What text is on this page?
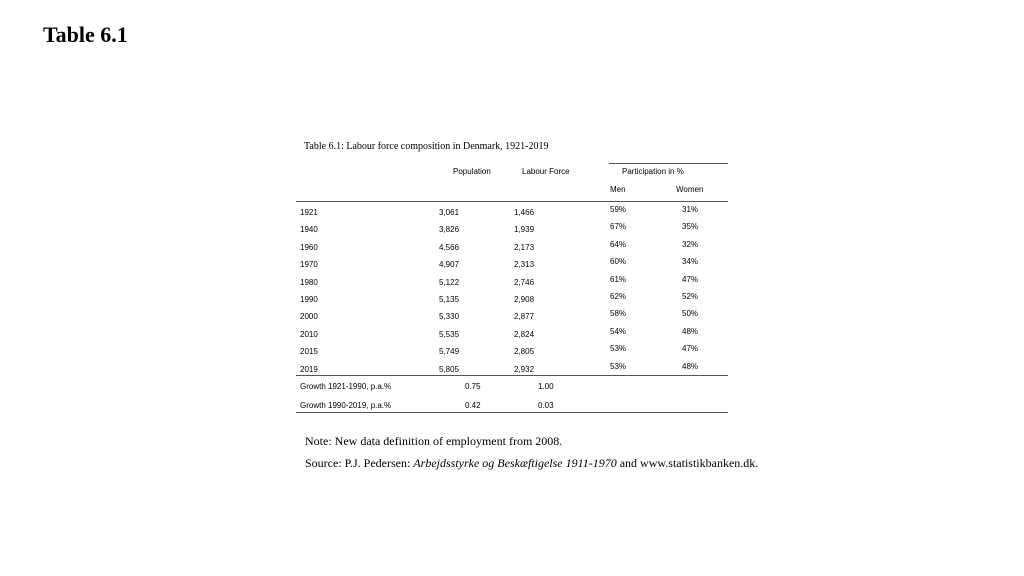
Table 6.1
Table 6.1: Labour force composition in Denmark, 1921-2019
Population	Labour Force	Participation in %
Men	Women
1921	3,061	1,466	59%	31%
1940	3,826	1,939	67%	35%
1960	4,566	2,173	64%	32%
1970	4,907	2,313	60%	34%
1980	5,122	2,746	61%	47%
1990	5,135	2,908	62%	52%
2000	5,330	2,877	58%	50%
2010	5,535	2,824	54%	48%
2015	5,749	2,805	53%	47%
2019	5,805	2,932	53%	48%
Growth 1921-1990, p.a.%	0.75	1.00
Growth 1990-2019, p.a.%	0.42	0.03
Note: New data definition of employment from 2008.
Source: P.J. Pedersen: Arbejdsstyrke og Beskæftigelse 1911-1970 and www.statistikbanken.dk.
